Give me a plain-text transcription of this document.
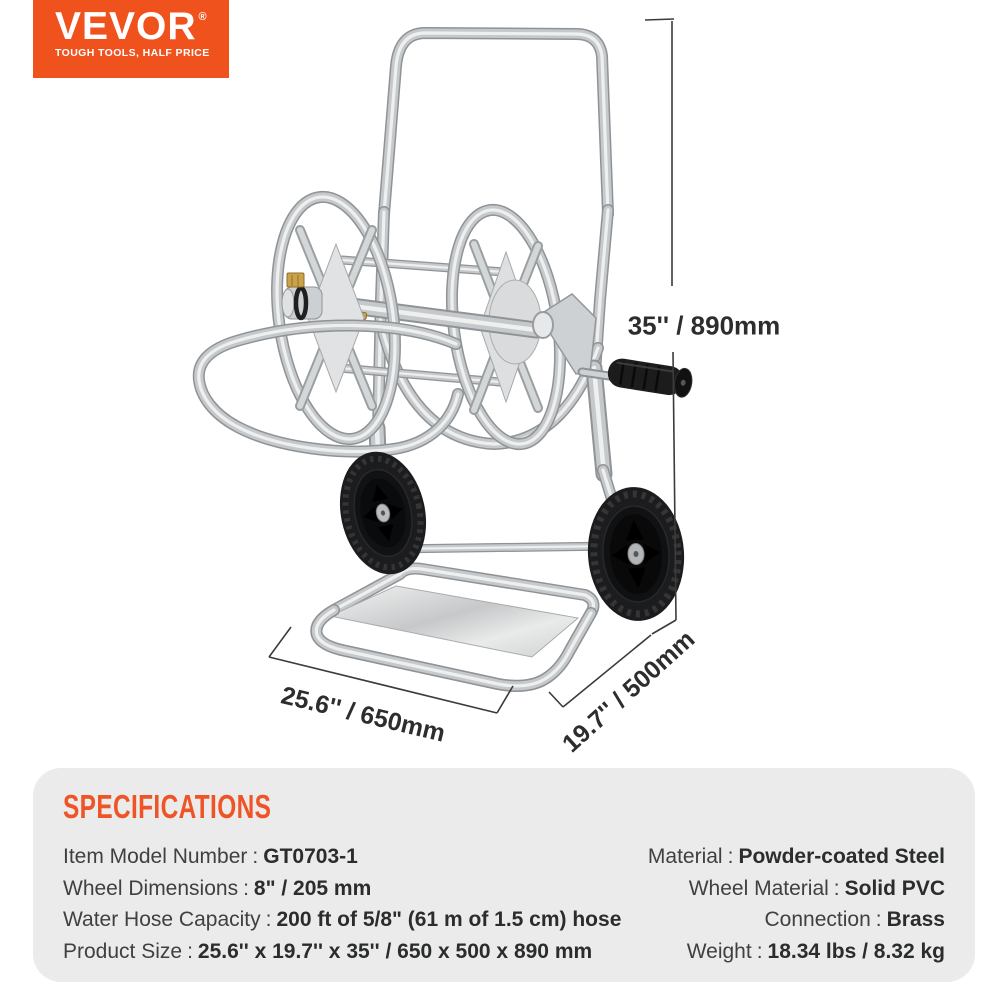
VEVOR ®
TOUGH TOOLS, HALF PRICE
35'' / 890mm
25.6'' / 650mm	19.7'' / 500mm
SPECIFICATIONS
Item Model Number : GT0703-1	Material : Powder-coated Steel
Wheel Dimensions : 8" / 205 mm	Wheel Material : Solid PVC
Water Hose Capacity : 200 ft of 5/8" (61 m of 1.5 cm) hose	Connection : Brass
Product Size : 25.6'' x 19.7'' x 35'' / 650 x 500 x 890 mm	Weight : 18.34 lbs / 8.32 kg
